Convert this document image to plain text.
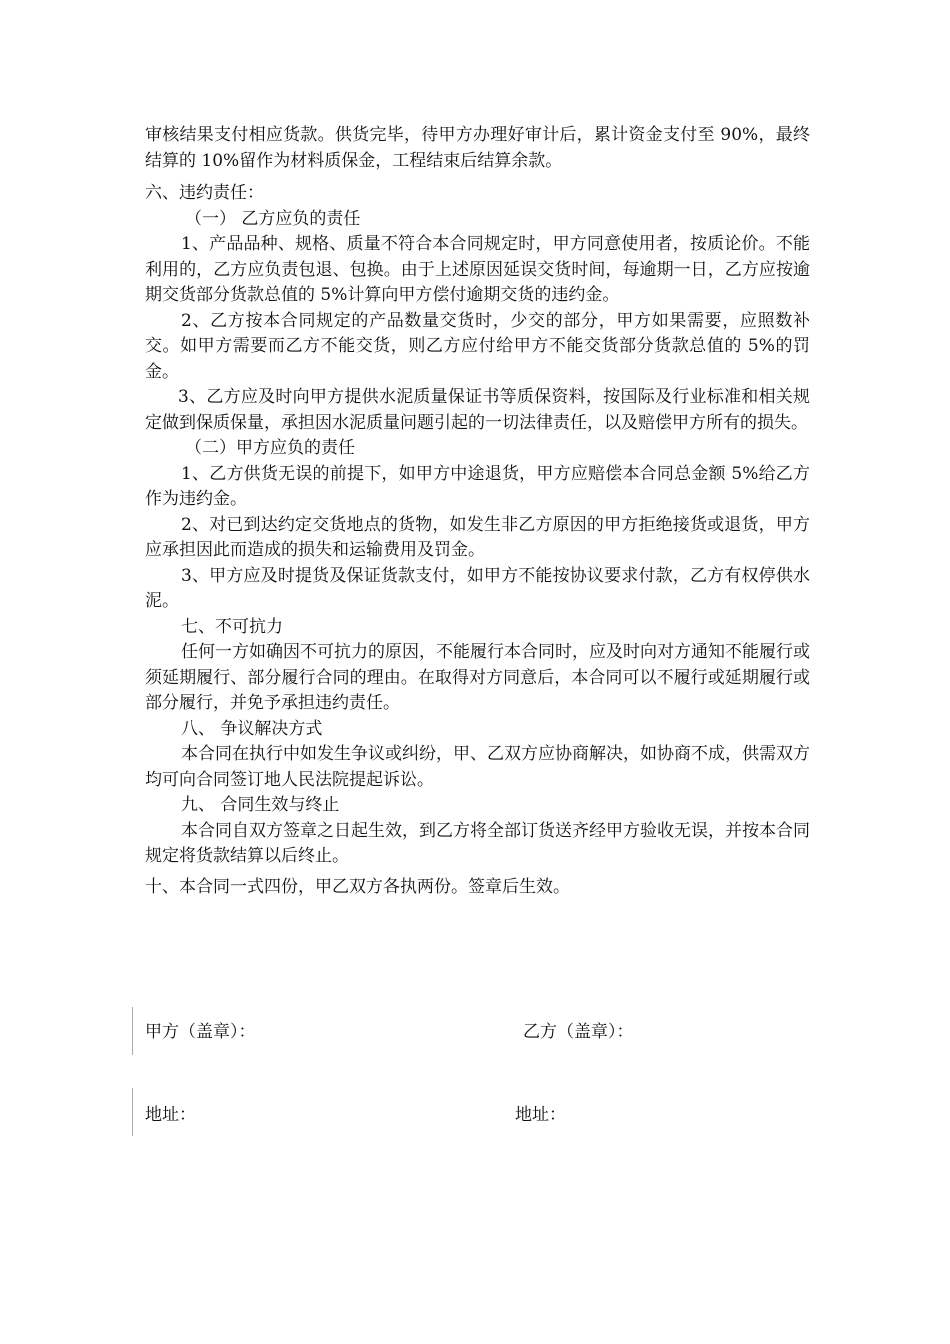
审核结果支付相应货款。供货完毕，待甲方办理好审计后，累计资金支付至 90%，最终结算的 10%留作为材料质保金，工程结束后结算余款。

六、违约责任：

（一） 乙方应负的责任

1、产品品种、规格、质量不符合本合同规定时，甲方同意使用者，按质论价。不能利用的，乙方应负责包退、包换。由于上述原因延误交货时间，每逾期一日，乙方应按逾期交货部分货款总值的 5%计算向甲方偿付逾期交货的违约金。

2、乙方按本合同规定的产品数量交货时，少交的部分，甲方如果需要，应照数补交。如甲方需要而乙方不能交货，则乙方应付给甲方不能交货部分货款总值的 5%的罚金。

3、乙方应及时向甲方提供水泥质量保证书等质保资料，按国际及行业标准和相关规定做到保质保量，承担因水泥质量问题引起的一切法律责任，以及赔偿甲方所有的损失。

（二）甲方应负的责任

1、乙方供货无误的前提下，如甲方中途退货，甲方应赔偿本合同总金额 5%给乙方作为违约金。

2、对已到达约定交货地点的货物，如发生非乙方原因的甲方拒绝接货或退货，甲方应承担因此而造成的损失和运输费用及罚金。

3、甲方应及时提货及保证货款支付，如甲方不能按协议要求付款，乙方有权停供水泥。

七、不可抗力

任何一方如确因不可抗力的原因，不能履行本合同时，应及时向对方通知不能履行或须延期履行、部分履行合同的理由。在取得对方同意后，本合同可以不履行或延期履行或部分履行，并免予承担违约责任。

八、 争议解决方式

本合同在执行中如发生争议或纠纷，甲、乙双方应协商解决，如协商不成，供需双方均可向合同签订地人民法院提起诉讼。

九、 合同生效与终止

本合同自双方签章之日起生效，到乙方将全部订货送齐经甲方验收无误，并按本合同规定将货款结算以后终止。

十、本合同一式四份，甲乙双方各执两份。签章后生效。

甲方（盖章）：	乙方（盖章）：
地址：	地址：
